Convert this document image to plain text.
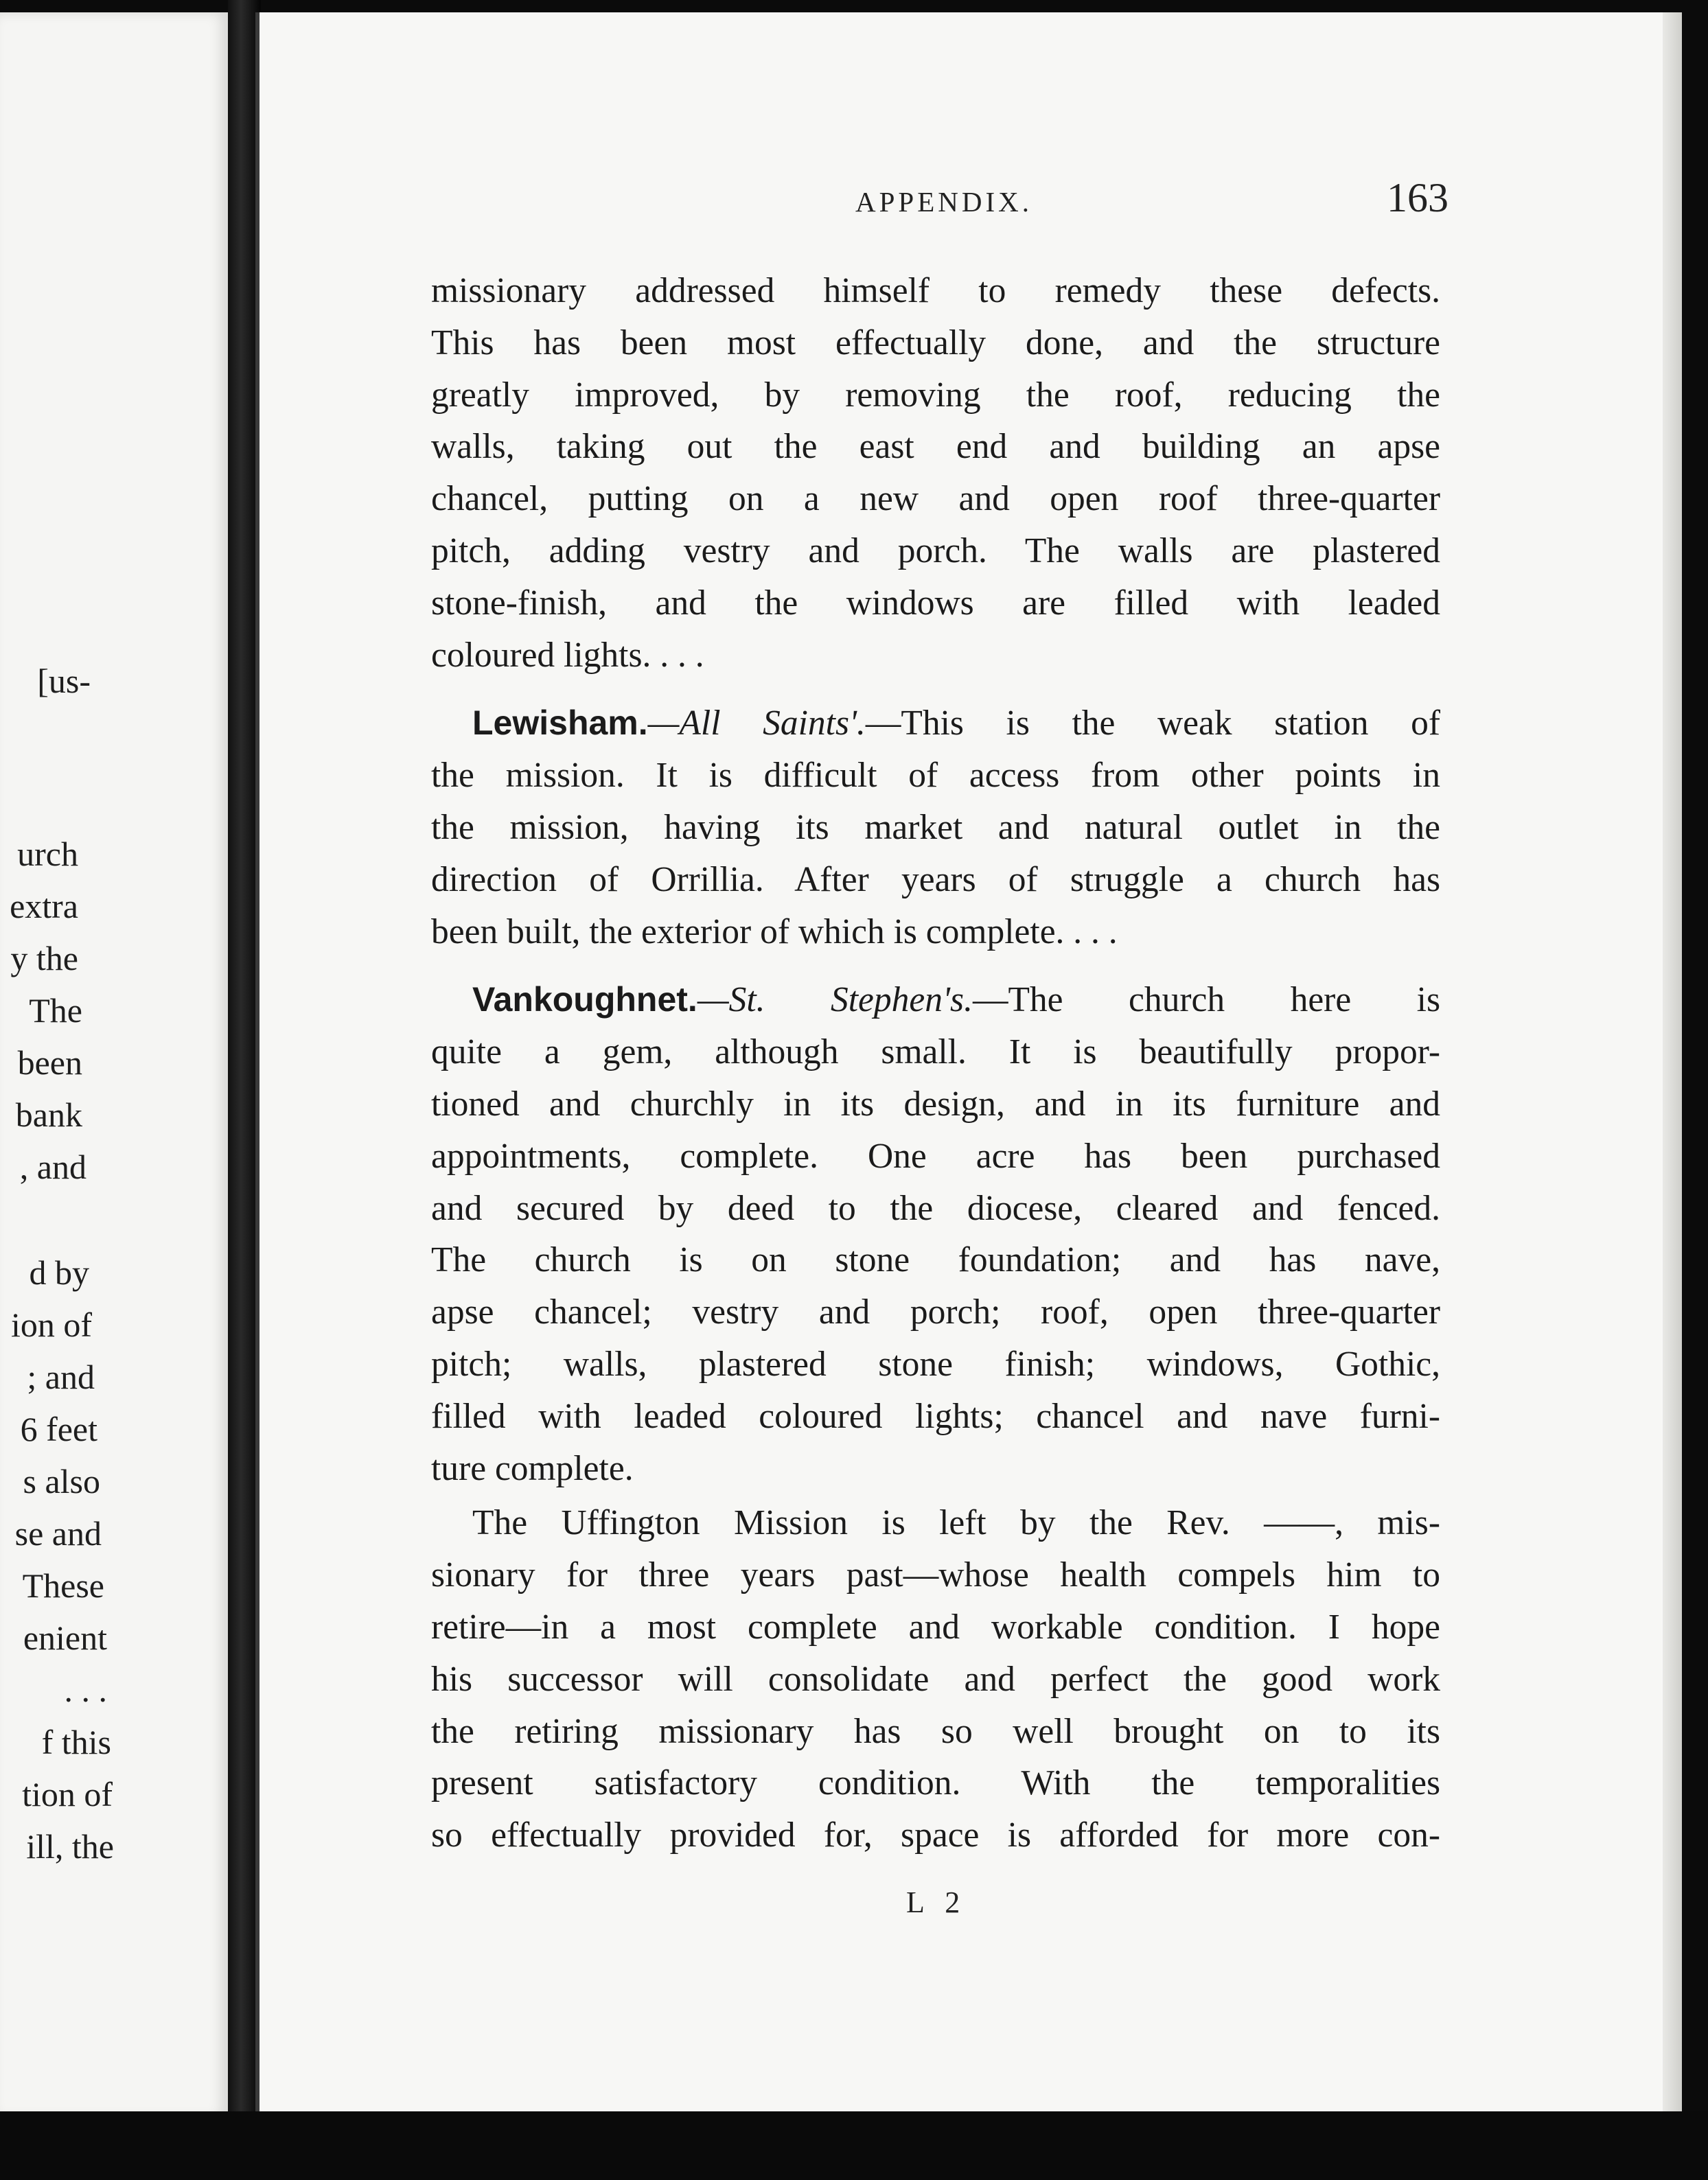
[us-
urch
extra
y the
The
been
bank
, and
d by
ion of
; and
6 feet
s also
se and
These
enient
. . .
f this
tion of
ill, the
APPENDIX.	163
missionary addressed himself to remedy these defects.
This has been most effectually done, and the structure
greatly improved, by removing the roof, reducing the
walls, taking out the east end and building an apse
chancel, putting on a new and open roof three-quarter
pitch, adding vestry and porch. The walls are plastered
stone-finish, and the windows are filled with leaded
coloured lights. . . .
Lewisham.—All Saints'.—This is the weak station of
the mission. It is difficult of access from other points in
the mission, having its market and natural outlet in the
direction of Orrillia. After years of struggle a church has
been built, the exterior of which is complete. . . .
Vankoughnet.—St. Stephen's.—The church here is
quite a gem, although small. It is beautifully propor-
tioned and churchly in its design, and in its furniture and
appointments, complete. One acre has been purchased
and secured by deed to the diocese, cleared and fenced.
The church is on stone foundation; and has nave,
apse chancel; vestry and porch; roof, open three-quarter
pitch; walls, plastered stone finish; windows, Gothic,
filled with leaded coloured lights; chancel and nave furni-
ture complete.
The Uffington Mission is left by the Rev. ——, mis-
sionary for three years past—whose health compels him to
retire—in a most complete and workable condition. I hope
his successor will consolidate and perfect the good work
the retiring missionary has so well brought on to its
present satisfactory condition. With the temporalities
so effectually provided for, space is afforded for more con-
L 2
